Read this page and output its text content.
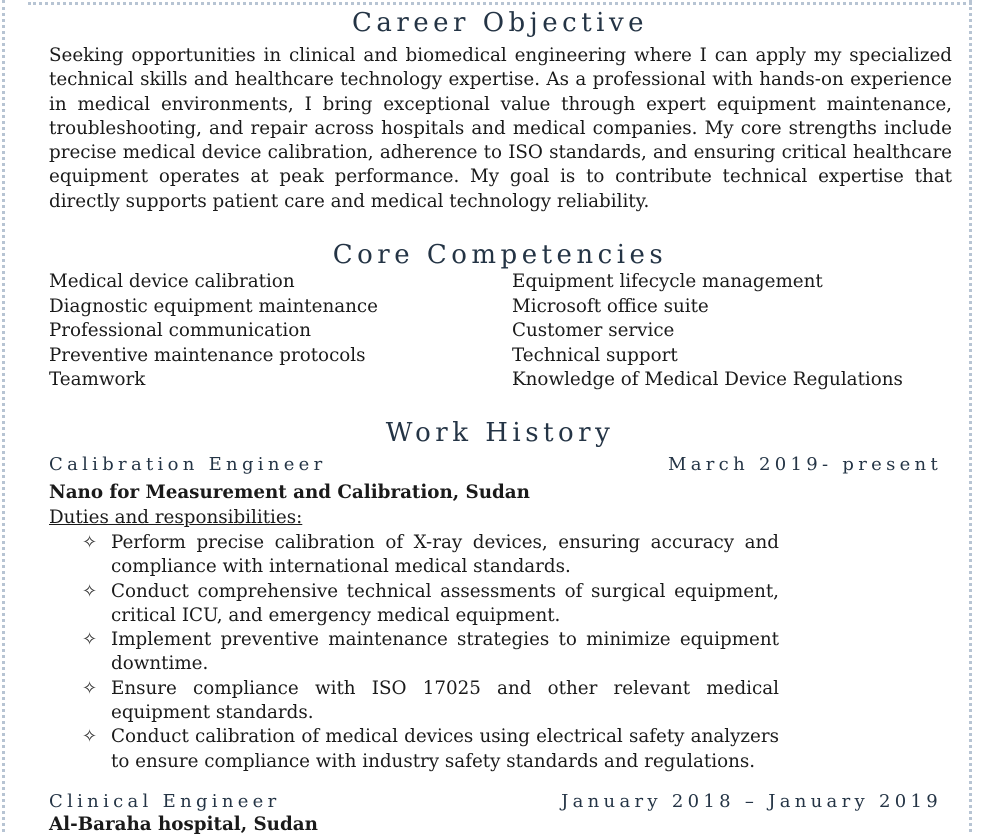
Career Objective

Seeking opportunities in clinical and biomedical engineering where I can apply my specialized technical skills and healthcare technology expertise. As a professional with hands-on experience in medical environments, I bring exceptional value through expert equipment maintenance, troubleshooting, and repair across hospitals and medical companies. My core strengths include precise medical device calibration, adherence to ISO standards, and ensuring critical healthcare equipment operates at peak performance. My goal is to contribute technical expertise that directly supports patient care and medical technology reliability.

Core Competencies
Medical device calibration
Diagnostic equipment maintenance
Professional communication
Preventive maintenance protocols
Teamwork
Equipment lifecycle management
Microsoft office suite
Customer service
Technical support
Knowledge of Medical Device Regulations
Work History
Calibration Engineer	March 2019- present
Nano for Measurement and Calibration, Sudan
Duties and responsibilities:
✧ Perform precise calibration of X-ray devices, ensuring accuracy and compliance with international medical standards.
✧ Conduct comprehensive technical assessments of surgical equipment, critical ICU, and emergency medical equipment.
✧ Implement preventive maintenance strategies to minimize equipment downtime.
✧ Ensure compliance with ISO 17025 and other relevant medical equipment standards.
✧ Conduct calibration of medical devices using electrical safety analyzers to ensure compliance with industry safety standards and regulations.
Clinical Engineer	January 2018 – January 2019
Al-Baraha hospital, Sudan
